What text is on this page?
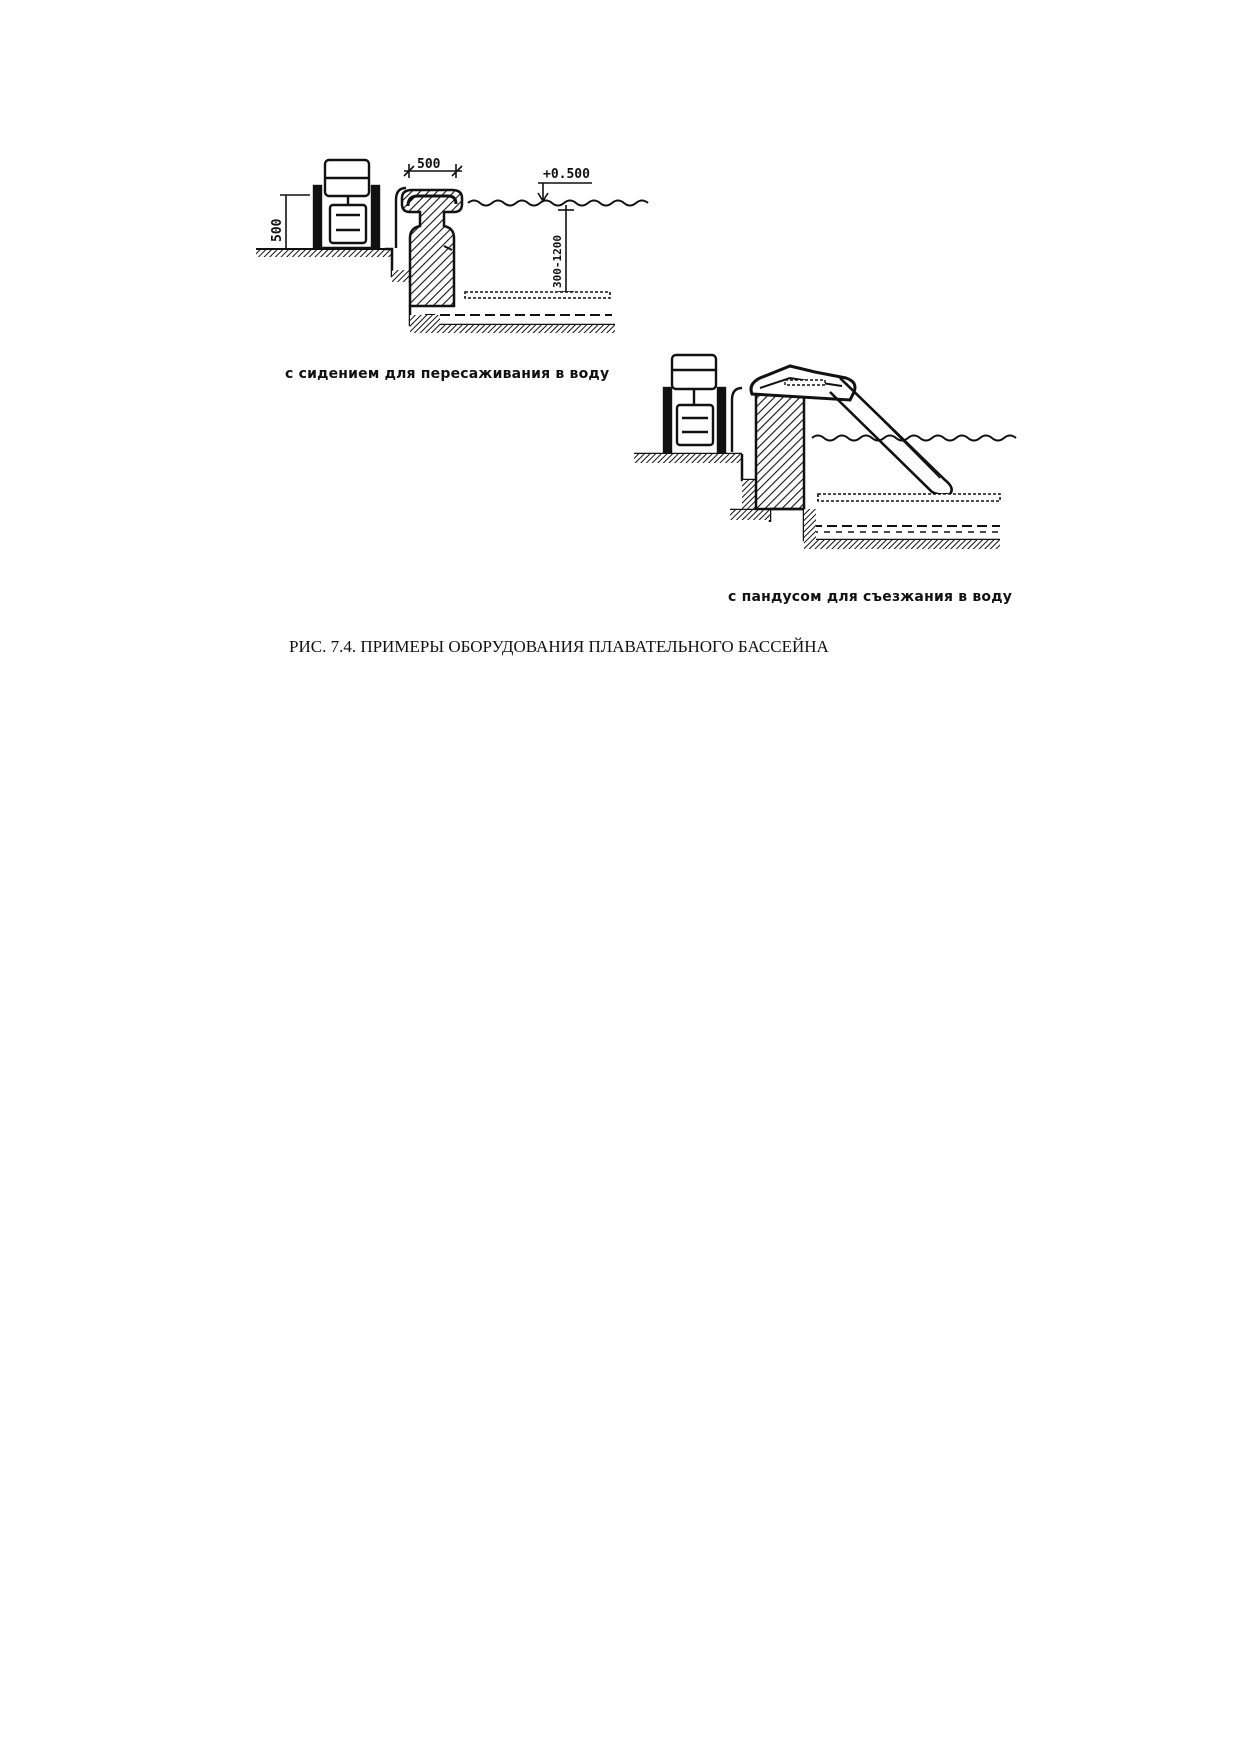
500
500
+0.500
300-1200
с сидением для пересаживания в воду
с пандусом для съезжания в воду
РИС. 7.4. ПРИМЕРЫ ОБОРУДОВАНИЯ ПЛАВАТЕЛЬНОГО БАССЕЙНА
